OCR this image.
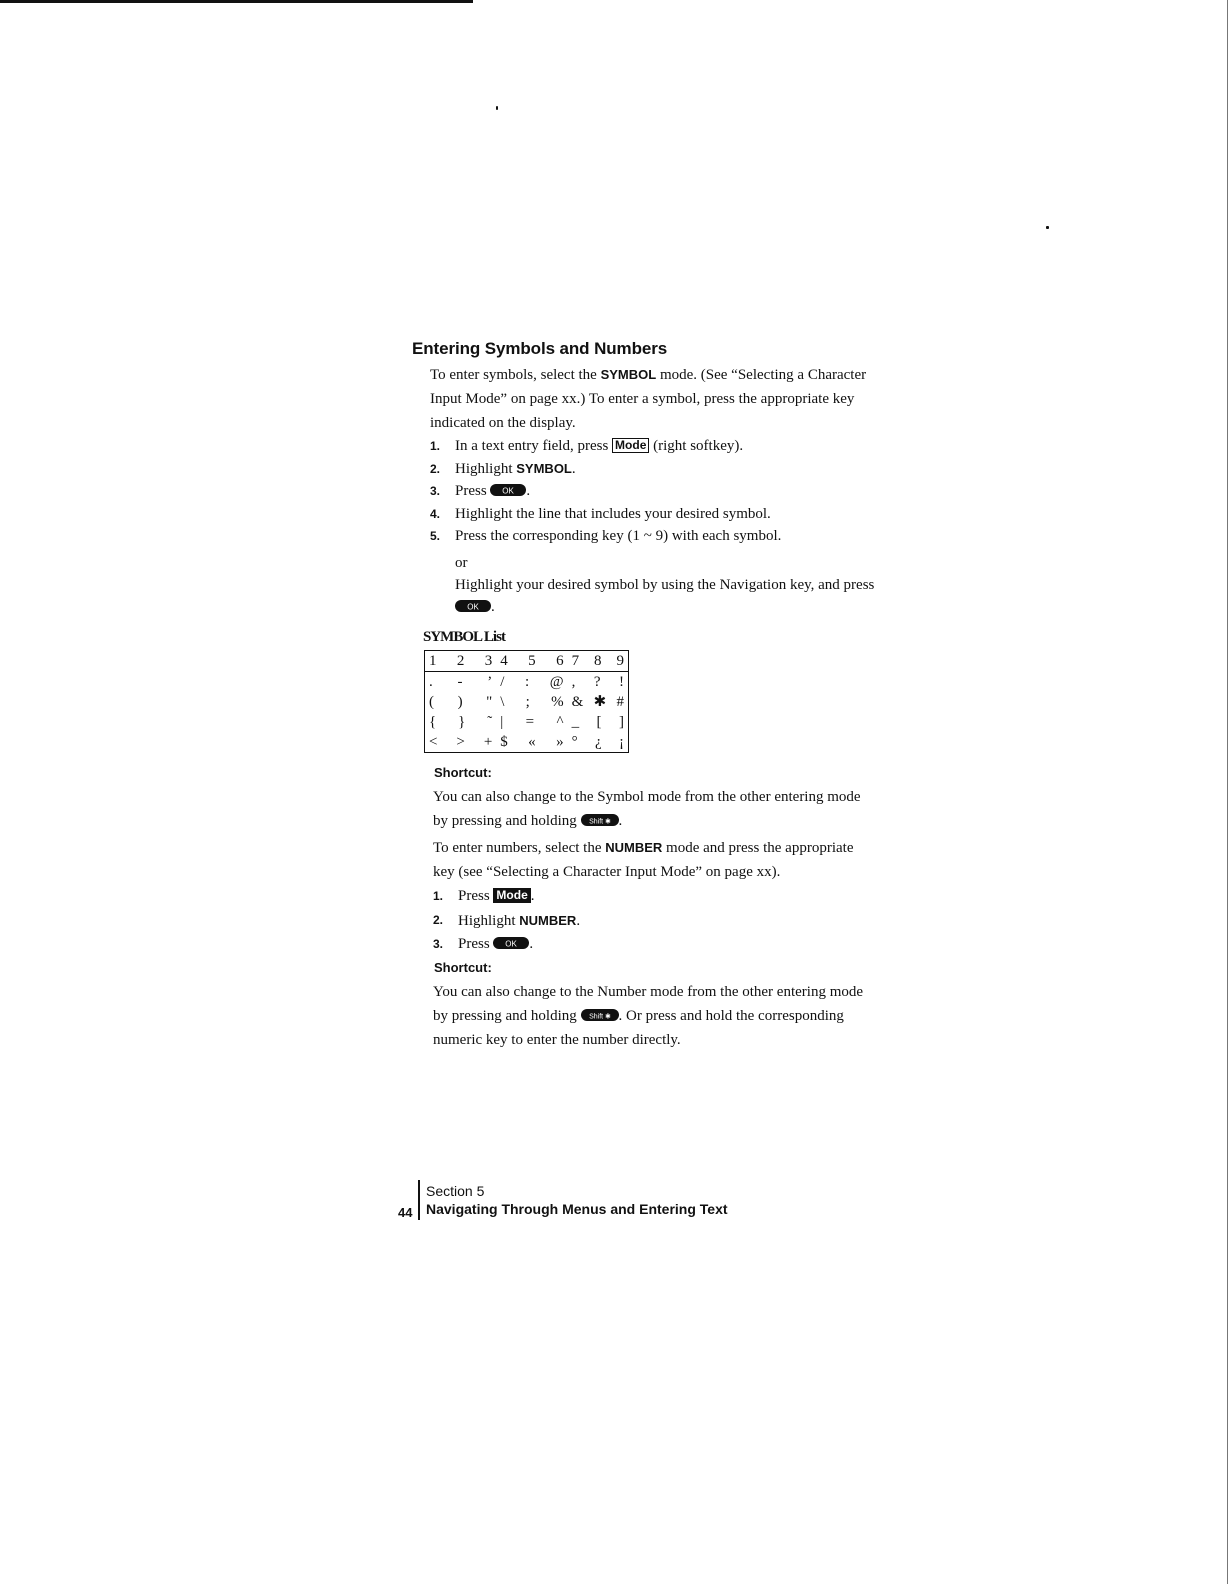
Entering Symbols and Numbers
To enter symbols, select the SYMBOL mode. (See “Selecting a Character Input Mode” on page xx.) To enter a symbol, press the appropriate key indicated on the display.
1. In a text entry field, press Mode (right softkey).
2. Highlight SYMBOL.
3. Press OK .
4. Highlight the line that includes your desired symbol.
5. Press the corresponding key (1 ~ 9) with each symbol.
or
Highlight your desired symbol by using the Navigation key, and press
OK .
SYMBOL List
1 2 3 4 5 6 7 8 9
. - ’ / : @ , ? !
( ) " \ ; % & ✱ #
{ } ˜ | = ^ _ [ ]
< > + $ « » ° ¿ ¡
Shortcut:
You can also change to the Symbol mode from the other entering mode by pressing and holding Shift ✱ .
To enter numbers, select the NUMBER mode and press the appropriate key (see “Selecting a Character Input Mode” on page xx).
1. Press Mode .
2. Highlight NUMBER.
3. Press OK .
Shortcut:
You can also change to the Number mode from the other entering mode by pressing and holding Shift ✱ . Or press and hold the corresponding numeric key to enter the number directly.
44
Section 5
Navigating Through Menus and Entering Text
